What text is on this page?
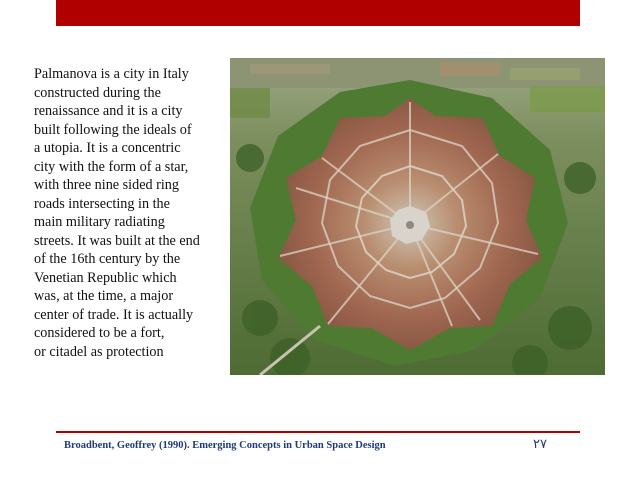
Palmanova is a city in Italy
constructed during the
renaissance and it is a city
built following the ideals of
a utopia. It is a concentric
city with the form of a star,
with three nine sided ring
roads intersecting in the
main military radiating
streets. It was built at the end
of the 16th century by the
Venetian Republic which
was, at the time, a major
center of trade. It is actually
considered to be a fort,
or citadel as protection
Broadbent, Geoffrey (1990). Emerging Concepts in Urban Space Design	٢٧
